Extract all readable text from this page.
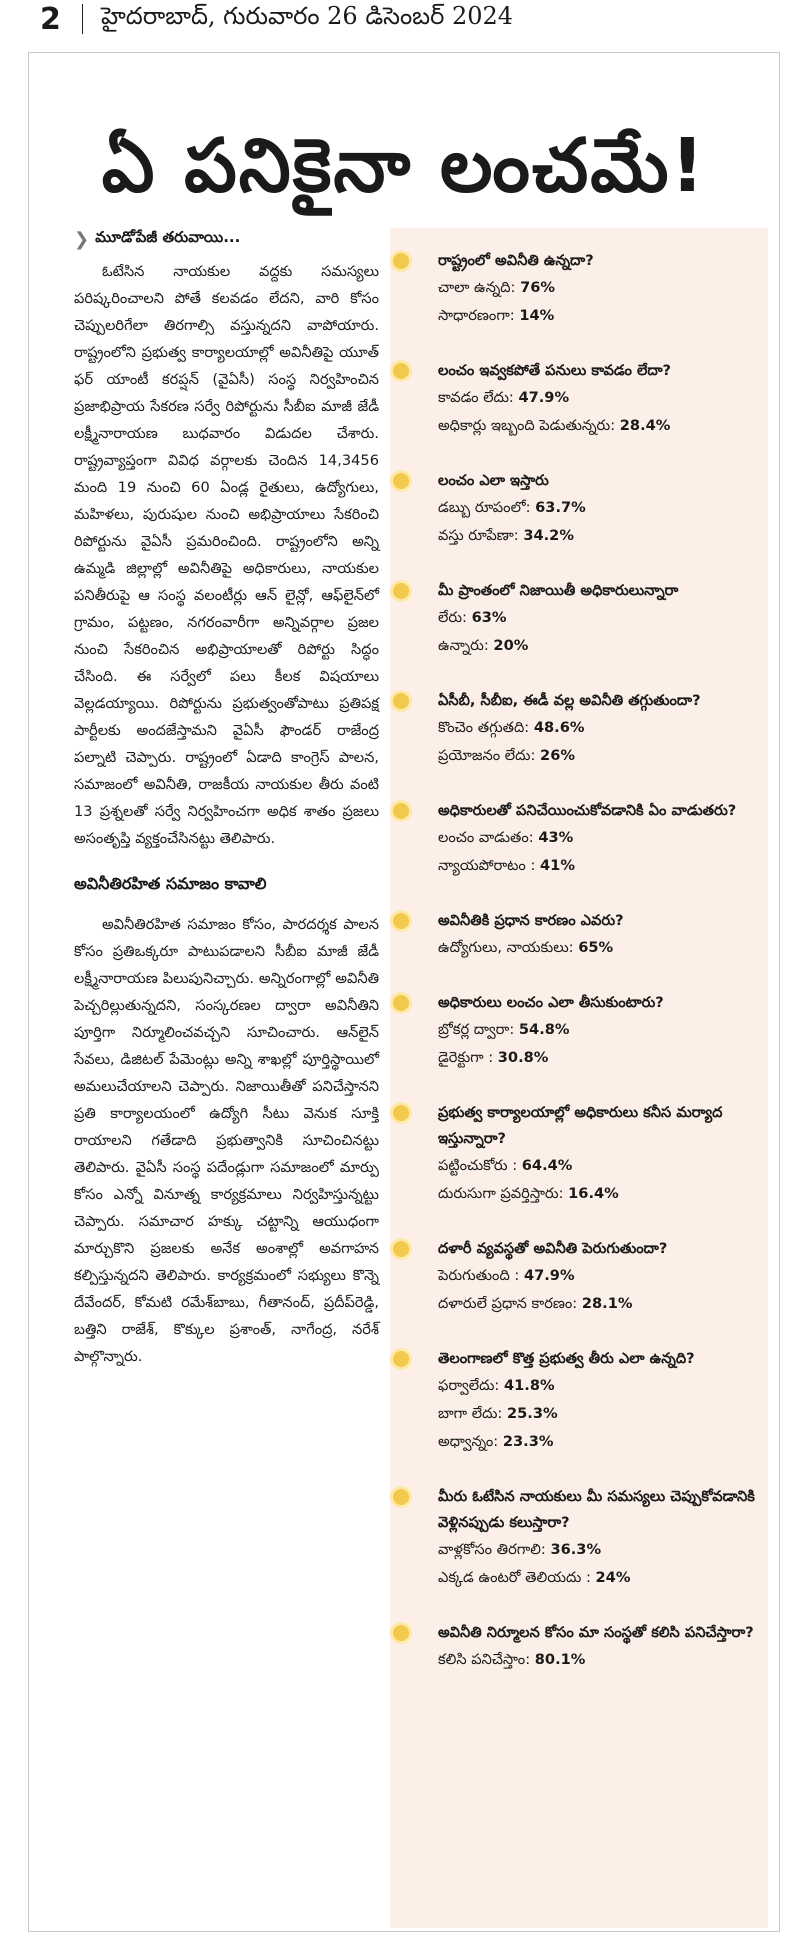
2	హైదరాబాద్, గురువారం 26 డిసెంబర్ 2024
ఏ పనికైనా లంచమే!
❯ మూడోపేజీ తరువాయి...

ఓటేసిన నాయకుల వద్దకు సమస్యలు పరిష్కరించాలని పోతే కలవడం లేదని, వారి కోసం చెప్పులరిగేలా తిరగాల్సి వస్తున్నదని వాపోయారు. రాష్ట్రంలోని ప్రభుత్వ కార్యాలయాల్లో అవినీతిపై యూత్ ఫర్ యాంటీ కరప్షన్ (వైఏసీ) సంస్థ నిర్వహించిన ప్రజాభిప్రాయ సేకరణ సర్వే రిపోర్టును సీబీఐ మాజీ జేడీ లక్ష్మీనారాయణ బుధవారం విడుదల చేశారు. రాష్ట్రవ్యాప్తంగా వివిధ వర్గాలకు చెందిన 14,3456 మంది 19 నుంచి 60 ఏండ్ల రైతులు, ఉద్యోగులు, మహిళలు, పురుషుల నుంచి అభిప్రాయాలు సేకరించి రిపోర్టును వైఏసీ ప్రమరించింది. రాష్ట్రంలోని అన్ని ఉమ్మడి జిల్లాల్లో అవినీతిపై అధికారులు, నాయకుల పనితీరుపై ఆ సంస్థ వలంటీర్లు ఆన్ లైన్లో, ఆఫ్‌లైన్‌లో గ్రామం, పట్టణం, నగరంవారీగా అన్నివర్గాల ప్రజల నుంచి సేకరించిన అభిప్రాయాలతో రిపోర్టు సిద్ధం చేసింది. ఈ సర్వేలో పలు కీలక విషయాలు వెల్లడయ్యాయి. రిపోర్టును ప్రభుత్వంతోపాటు ప్రతిపక్ష పార్టీలకు అందజేస్తామని వైఏసీ ఫౌండర్ రాజేంద్ర పల్నాటి చెప్పారు. రాష్ట్రంలో ఏడాది కాంగ్రెస్ పాలన, సమాజంలో అవినీతి, రాజకీయ నాయకుల తీరు వంటి 13 ప్రశ్నలతో సర్వే నిర్వహించగా అధిక శాతం ప్రజలు అసంతృప్తి వ్యక్తంచేసినట్టు తెలిపారు.

అవినీతిరహిత సమాజం కావాలి

అవినీతిరహిత సమాజం కోసం, పారదర్శక పాలన కోసం ప్రతిఒక్కరూ పాటుపడాలని సీబీఐ మాజీ జేడీ లక్ష్మీనారాయణ పిలుపునిచ్చారు. అన్నిరంగాల్లో అవినీతి పెచ్చరిల్లుతున్నదని, సంస్కరణల ద్వారా అవినీతిని పూర్తిగా నిర్మూలించవచ్చని సూచించారు. ఆన్‌లైన్ సేవలు, డిజిటల్ పేమెంట్లు అన్ని శాఖల్లో పూర్తిస్థాయిలో అమలుచేయాలని చెప్పారు. నిజాయితీతో పనిచేస్తానని ప్రతి కార్యాలయంలో ఉద్యోగి సీటు వెనుక సూక్తి రాయాలని గతేడాది ప్రభుత్వానికి సూచించినట్టు తెలిపారు. వైఏసీ సంస్థ పదేండ్లుగా సమాజంలో మార్పు కోసం ఎన్నో వినూత్న కార్యక్రమాలు నిర్వహిస్తున్నట్టు చెప్పారు. సమాచార హక్కు చట్టాన్ని ఆయుధంగా మార్చుకొని ప్రజలకు అనేక అంశాల్లో అవగాహన కల్పిస్తున్నదని తెలిపారు. కార్యక్రమంలో సభ్యులు కొన్నె దేవేందర్, కోమటి రమేశ్‌బాబు, గీతానంద్, ప్రదీప్‌రెడ్డి, బత్తిని రాజేశ్, కొక్కుల ప్రశాంత్, నాగేంద్ర, నరేశ్ పాల్గొన్నారు.

రాష్ట్రంలో అవినీతి ఉన్నదా?

చాలా ఉన్నది: 76%

సాధారణంగా: 14%

లంచం ఇవ్వకపోతే పనులు కావడం లేదా?

కావడం లేదు: 47.9%

అధికార్లు ఇబ్బంది పెడుతున్నరు: 28.4%

లంచం ఎలా ఇస్తారు

డబ్బు రూపంలో: 63.7%

వస్తు రూపేణా: 34.2%

మీ ప్రాంతంలో నిజాయితీ అధికారులున్నారా

లేరు: 63%

ఉన్నారు: 20%

ఏసీబీ, సీబీఐ, ఈడీ వల్ల అవినీతి తగ్గుతుందా?

కొంచెం తగ్గుతది: 48.6%

ప్రయోజనం లేదు: 26%

అధికారులతో పనిచేయించుకోవడానికి ఏం వాడుతరు?

లంచం వాడుతం: 43%

న్యాయపోరాటం : 41%

అవినీతికి ప్రధాన కారణం ఎవరు?

ఉద్యోగులు, నాయకులు: 65%

అధికారులు లంచం ఎలా తీసుకుంటారు?

బ్రోకర్ల ద్వారా: 54.8%

డైరెక్టుగా : 30.8%

ప్రభుత్వ కార్యాలయాల్లో అధికారులు కనీస మర్యాద ఇస్తున్నారా?

పట్టించుకోరు : 64.4%

దురుసుగా ప్రవర్తిస్తారు: 16.4%

దళారీ వ్యవస్థతో అవినీతి పెరుగుతుందా?

పెరుగుతుంది : 47.9%

దళారులే ప్రధాన కారణం: 28.1%

తెలంగాణలో కొత్త ప్రభుత్వ తీరు ఎలా ఉన్నది?

ఫర్వాలేదు: 41.8%

బాగా లేదు: 25.3%

అధ్వాన్నం: 23.3%

మీరు ఓటేసిన నాయకులు మీ సమస్యలు చెప్పుకోవడానికి వెళ్లినప్పుడు కలుస్తారా?

వాళ్లకోసం తిరగాలి: 36.3%

ఎక్కడ ఉంటరో తెలియదు : 24%

అవినీతి నిర్మూలన కోసం మా సంస్థతో కలిసి పనిచేస్తారా?

కలిసి పనిచేస్తాం: 80.1%
